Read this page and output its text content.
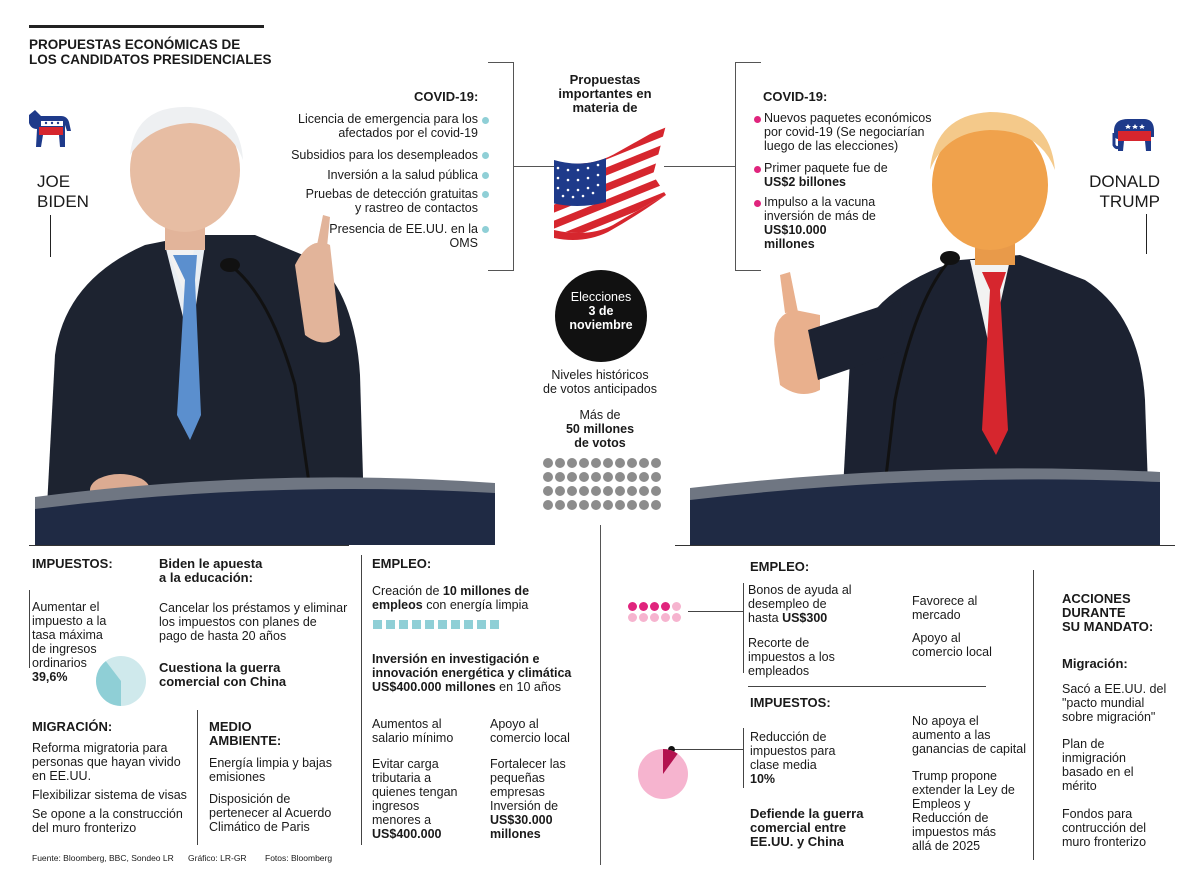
PROPUESTAS ECONÓMICAS DE
LOS CANDIDATOS PRESIDENCIALES
JOE
BIDEN
DONALD
TRUMP
COVID-19:
Licencia de emergencia para los
afectados por el covid-19
Subsidios para los desempleados
Inversión a la salud pública
Pruebas de detección gratuitas
y rastreo de contactos
Presencia de EE.UU. en la
OMS
Propuestas
importantes en
materia de
Elecciones
3 de
noviembre
Niveles históricos
de votos anticipados
Más de
50 millones
de votos
COVID-19:
Nuevos paquetes económicos
por covid-19 (Se negociarían
luego de las elecciones)
Primer paquete fue de
US$2 billones
Impulso a la vacuna
inversión de más de
US$10.000
millones
IMPUESTOS:
Aumentar el
impuesto a la
tasa máxima
de ingresos
ordinarios
39,6%
Biden le apuesta
a la educación:
Cancelar los préstamos y eliminar
los impuestos con planes de
pago de hasta 20 años
Cuestiona la guerra
comercial con China
MIGRACIÓN:
Reforma migratoria para
personas que hayan vivido
en EE.UU.
Flexibilizar sistema de visas
Se opone a la construcción
del muro fronterizo
MEDIO
AMBIENTE:
Energía limpia y bajas
emisiones
Disposición de
pertenecer al Acuerdo
Climático de Paris
EMPLEO:
Creación de 10 millones de
empleos con energía limpia
Inversión en investigación e
innovación energética y climática
US$400.000 millones en 10 años
Aumentos al
salario mínimo
Apoyo al
comercio local
Evitar carga
tributaria a
quienes tengan
ingresos
menores a
US$400.000
Fortalecer las
pequeñas
empresas
Inversión de
US$30.000
millones
EMPLEO:
Bonos de ayuda al
desempleo de
hasta US$300
Recorte de
impuestos a los
empleados
Favorece al
mercado
Apoyo al
comercio local
IMPUESTOS:
Reducción de
impuestos para
clase media
10%
Defiende la guerra
comercial entre
EE.UU. y China
No apoya el
aumento a las
ganancias de capital
Trump propone
extender la Ley de
Empleos y
Reducción de
impuestos más
allá de 2025
ACCIONES
DURANTE
SU MANDATO:
Migración:
Sacó a EE.UU. del
"pacto mundial
sobre migración"
Plan de
inmigración
basado en el
mérito
Fondos para
contrucción del
muro fronterizo
Fuente: Bloomberg, BBC, Sondeo LR Gráfico: LR-GR Fotos: Bloomberg
